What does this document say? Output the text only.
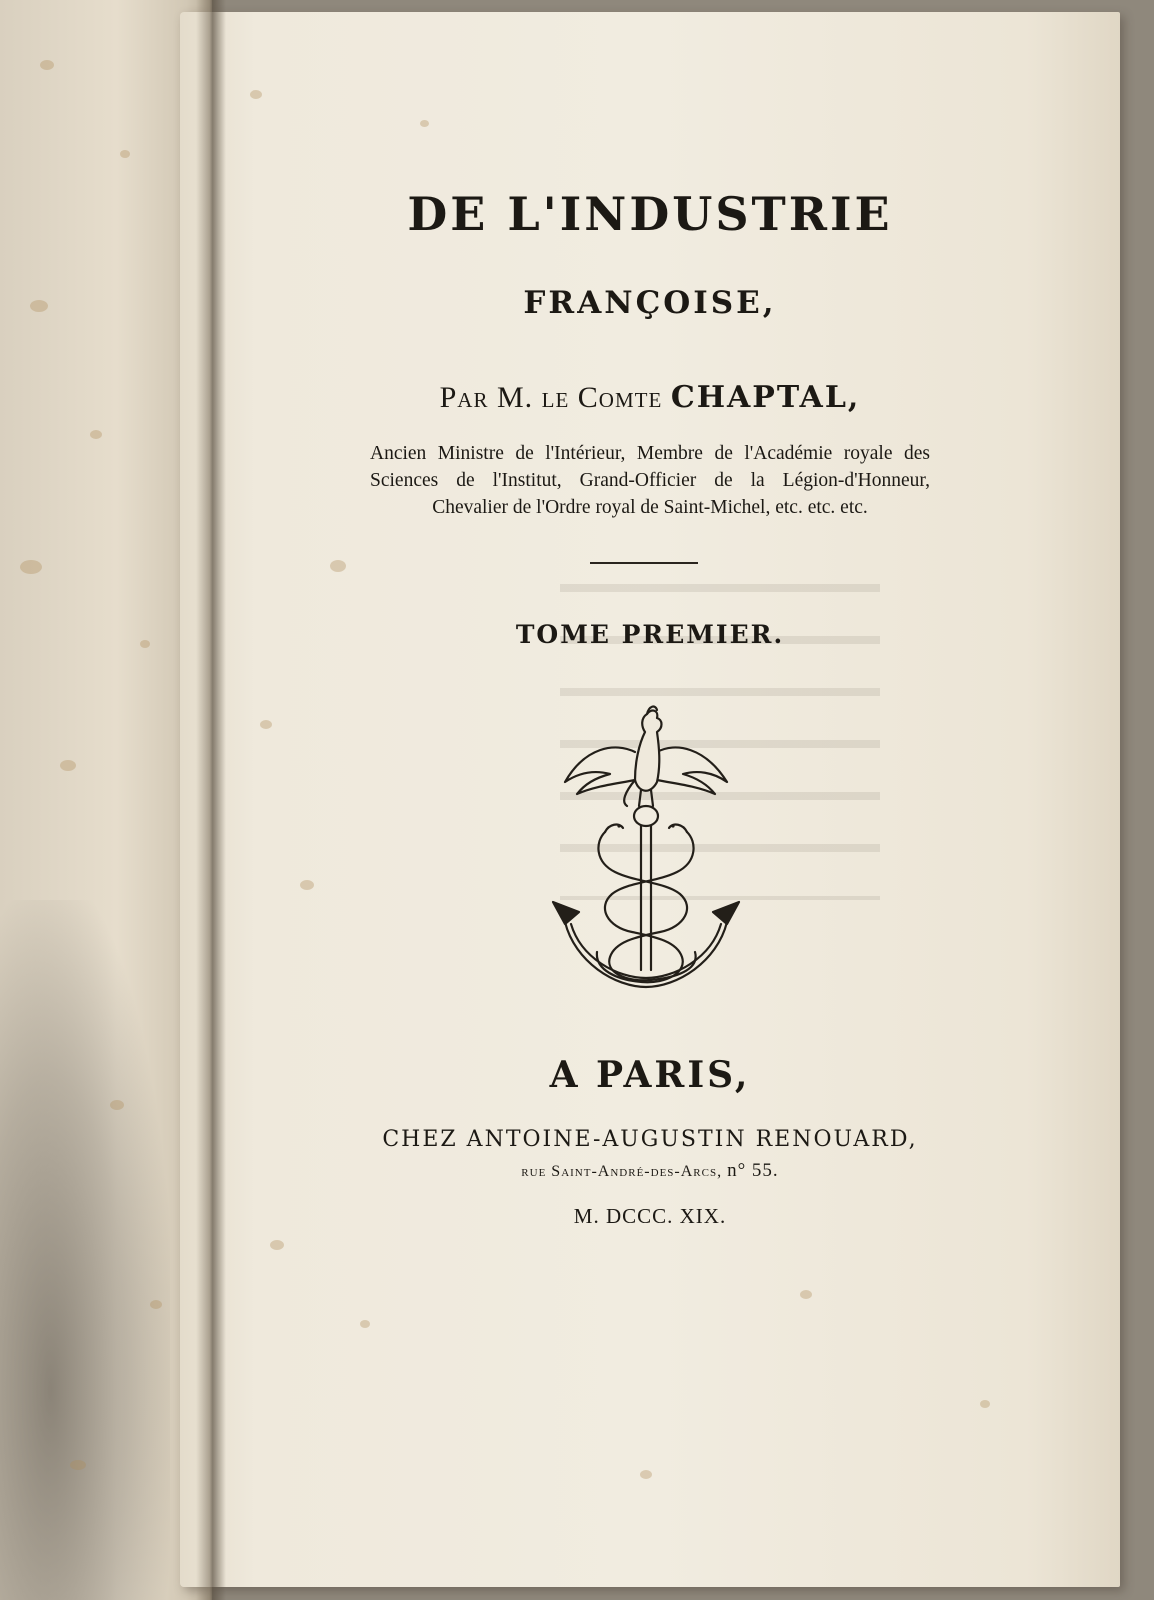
DE L'INDUSTRIE
FRANÇOISE,
Par M. le Comte CHAPTAL,
Ancien Ministre de l'Intérieur, Membre de l'Académie royale des Sciences de l'Institut, Grand-Officier de la Légion-d'Honneur, Chevalier de l'Ordre royal de Saint-Michel, etc. etc. etc.
TOME PREMIER.
A PARIS,
CHEZ ANTOINE-AUGUSTIN RENOUARD,
rue Saint-André-des-Arcs, n° 55.
M. DCCC. XIX.
